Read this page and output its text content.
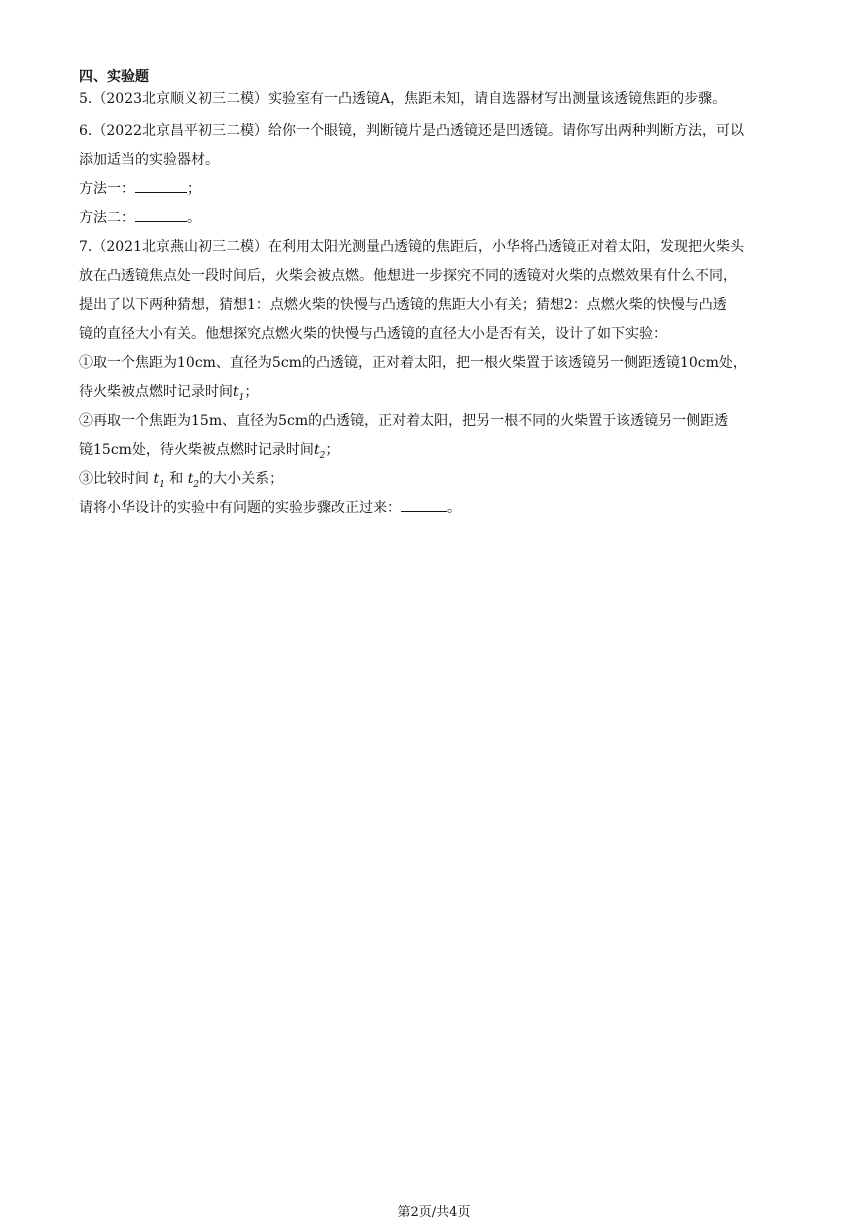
四、实验题
5.（2023北京顺义初三二模）实验室有一凸透镜A，焦距未知，请自选器材写出测量该透镜焦距的步骤。
6.（2022北京昌平初三二模）给你一个眼镜，判断镜片是凸透镜还是凹透镜。请你写出两种判断方法，可以
添加适当的实验器材。
方法一：	；
方法二：	。
7.（2021北京燕山初三二模）在利用太阳光测量凸透镜的焦距后，小华将凸透镜正对着太阳，发现把火柴头
放在凸透镜焦点处一段时间后，火柴会被点燃。他想进一步探究不同的透镜对火柴的点燃效果有什么不同，
提出了以下两种猜想，猜想1：点燃火柴的快慢与凸透镜的焦距大小有关；猜想2：点燃火柴的快慢与凸透
镜的直径大小有关。他想探究点燃火柴的快慢与凸透镜的直径大小是否有关，设计了如下实验：
①取一个焦距为10cm、直径为5cm的凸透镜，正对着太阳，把一根火柴置于该透镜另一侧距透镜10cm处，
待火柴被点燃时记录时间$t_1$；
②再取一个焦距为15m、直径为5cm的凸透镜，正对着太阳，把另一根不同的火柴置于该透镜另一侧距透
镜15cm处，待火柴被点燃时记录时间$t_2$；
③比较时间 $t_1$ 和 $t_2$的大小关系；
请将小华设计的实验中有问题的实验步骤改正过来：	。
第2页/共4页
